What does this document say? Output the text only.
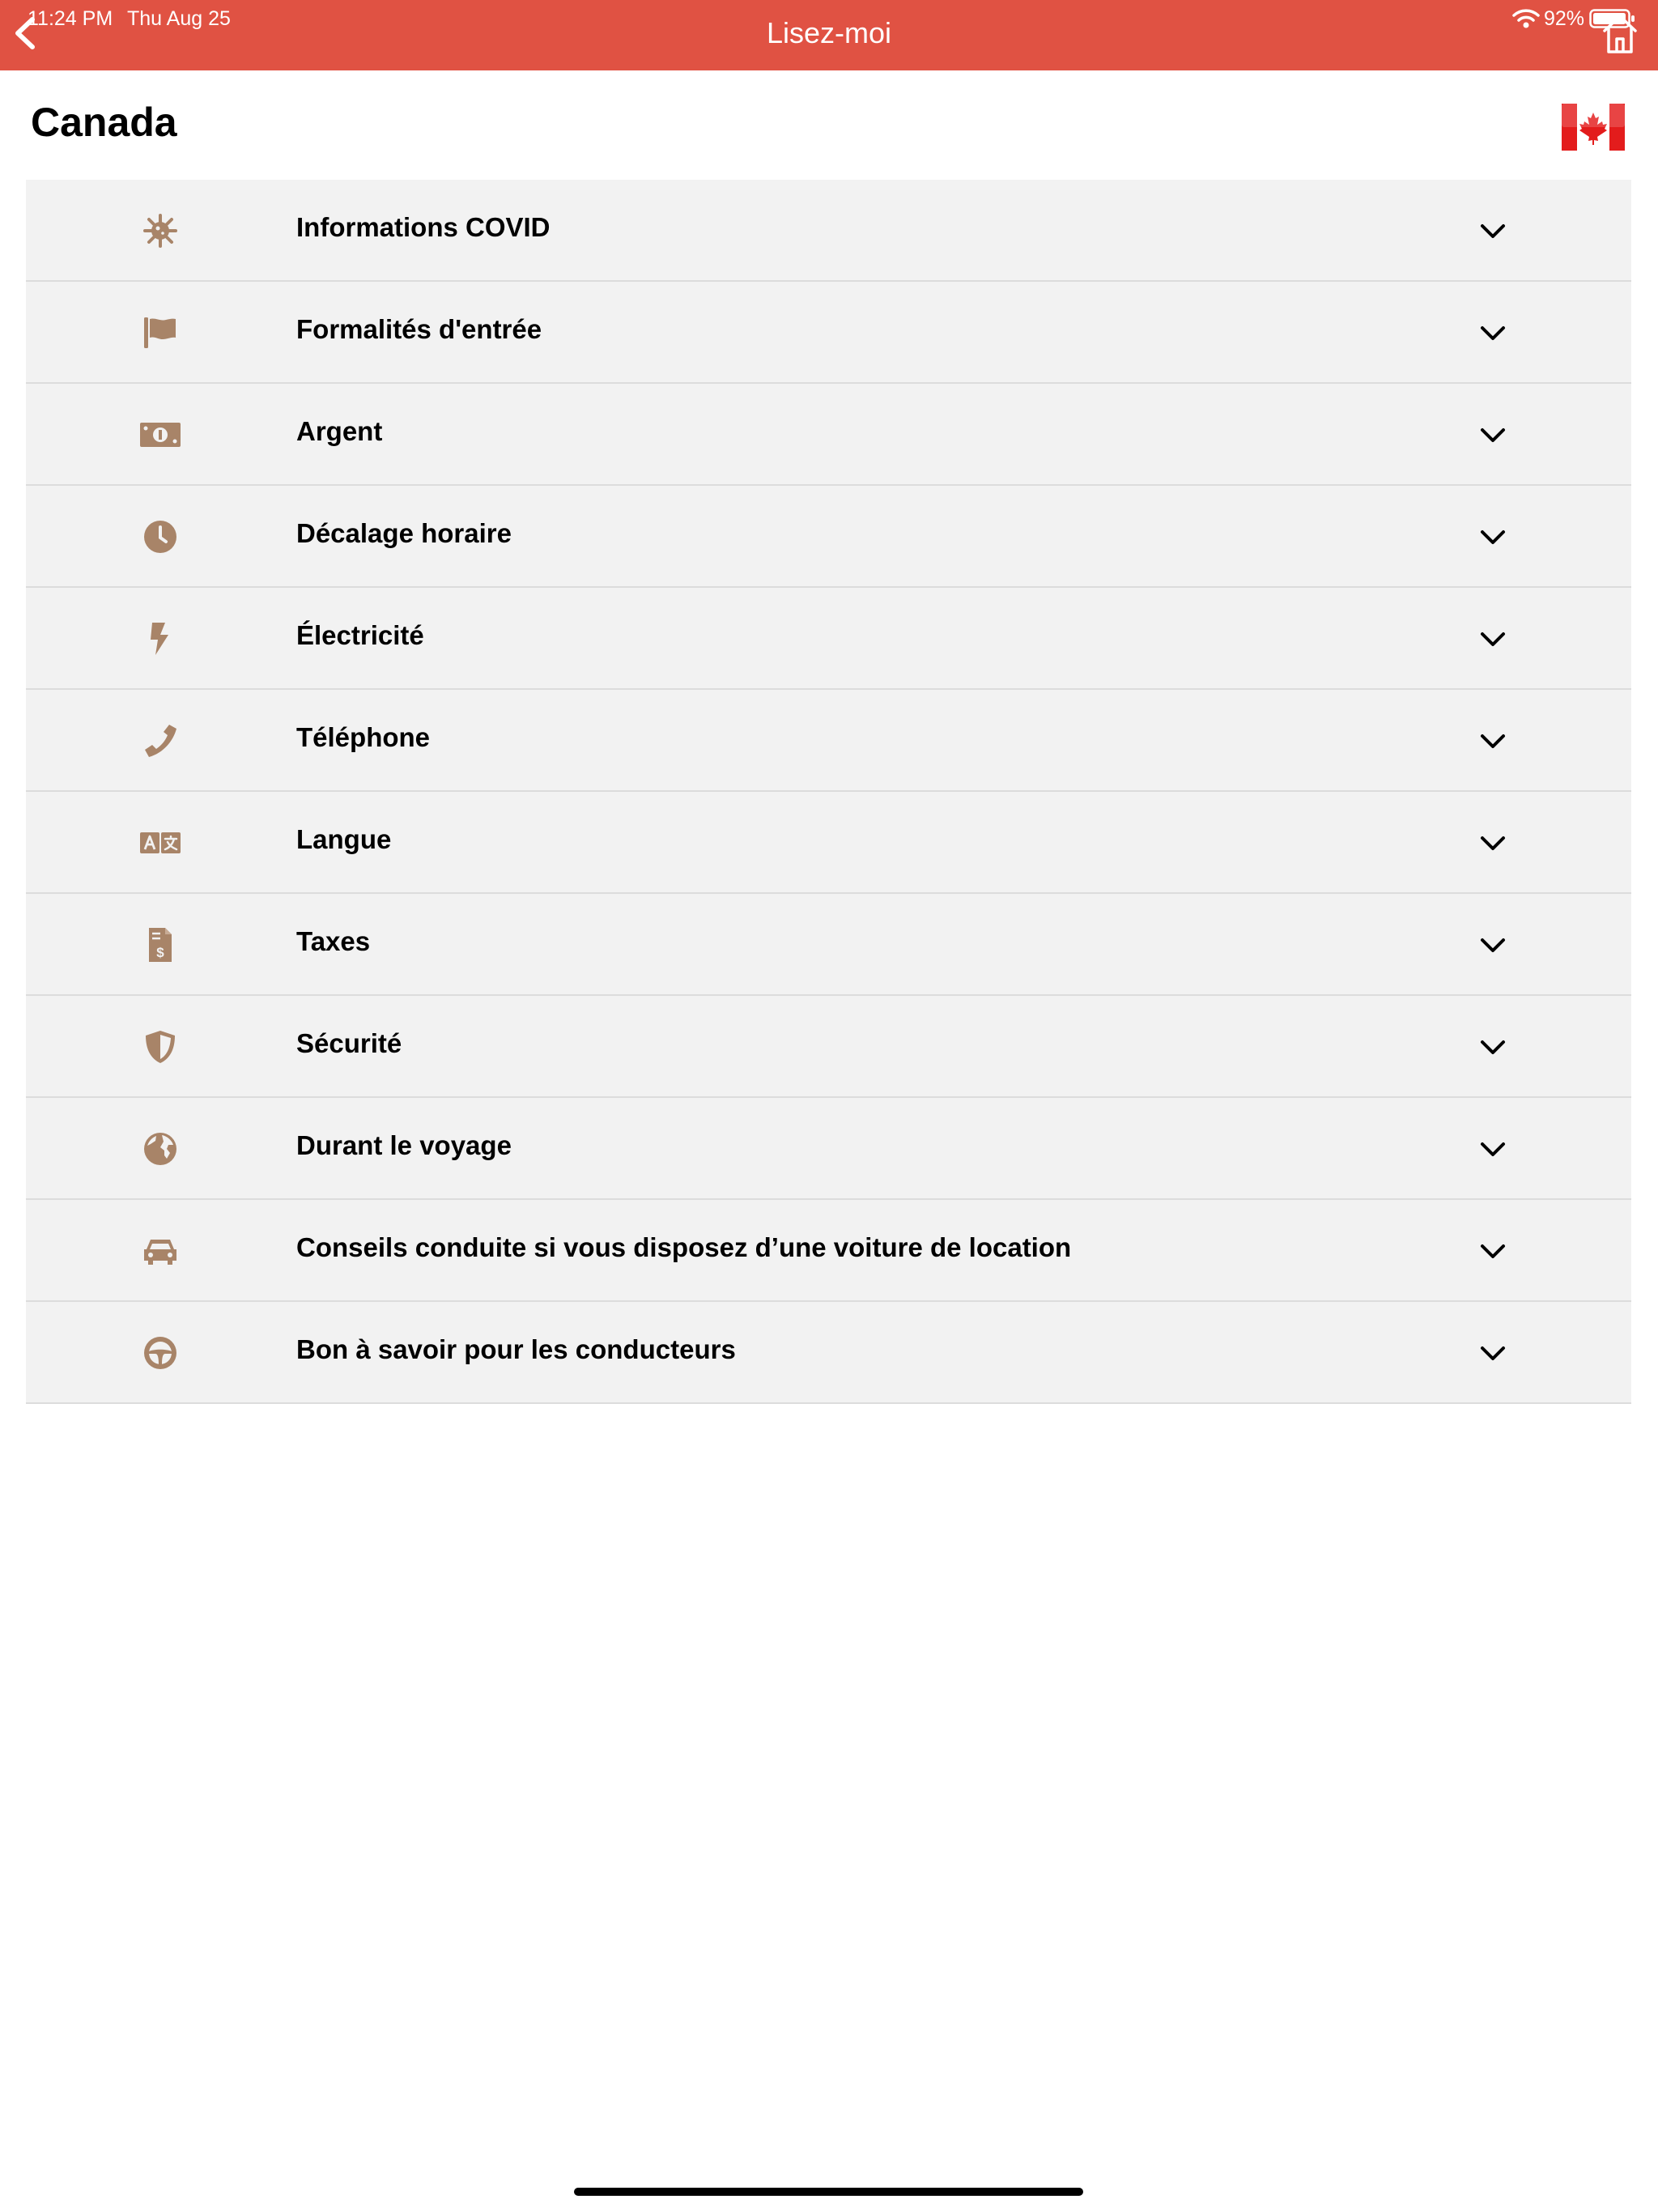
11:24 PM Thu Aug 25	Lisez-moi	92%
Canada
Informations COVID
Formalités d'entrée
Argent
Décalage horaire
Électricité
Téléphone
Langue
$	Taxes
Sécurité
Durant le voyage
Conseils conduite si vous disposez d’une voiture de location
Bon à savoir pour les conducteurs
